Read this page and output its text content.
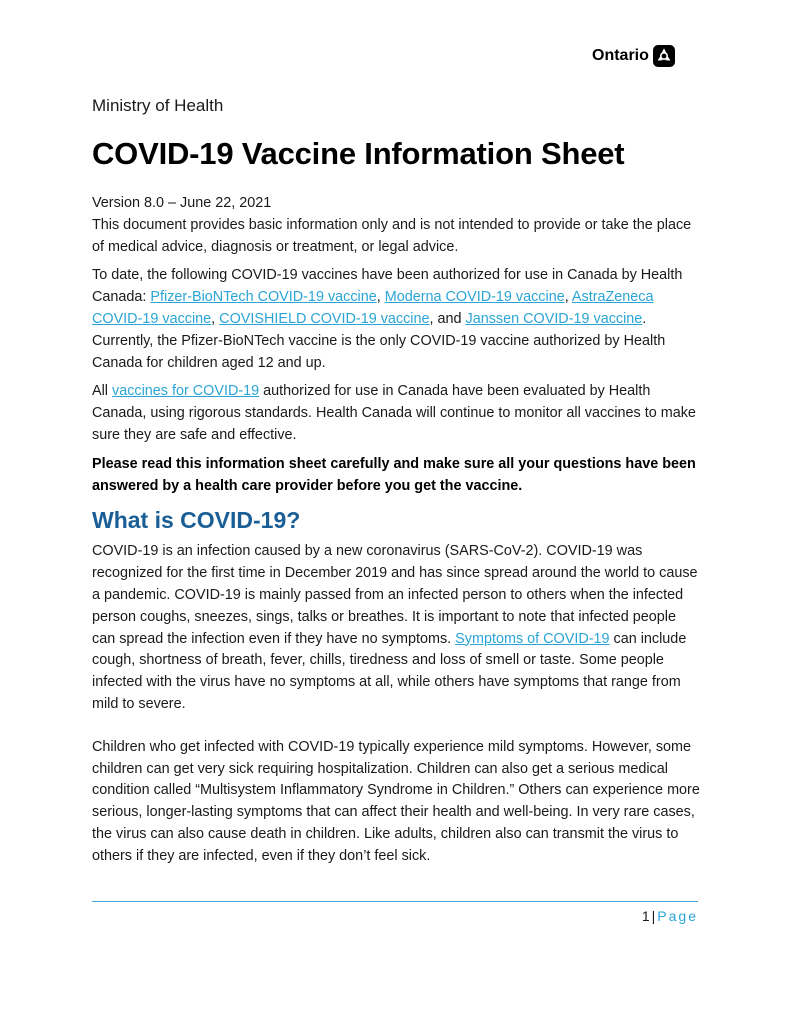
Ontario
Ministry of Health
COVID-19 Vaccine Information Sheet

Version 8.0 – June 22, 2021

This document provides basic information only and is not intended to provide or take the place of medical advice, diagnosis or treatment, or legal advice.

To date, the following COVID-19 vaccines have been authorized for use in Canada by Health Canada: Pfizer-BioNTech COVID-19 vaccine, Moderna COVID-19 vaccine, AstraZeneca COVID-19 vaccine, COVISHIELD COVID-19 vaccine, and Janssen COVID-19 vaccine. Currently, the Pfizer-BioNTech vaccine is the only COVID-19 vaccine authorized by Health Canada for children aged 12 and up.

All vaccines for COVID-19 authorized for use in Canada have been evaluated by Health Canada, using rigorous standards. Health Canada will continue to monitor all vaccines to make sure they are safe and effective.

Please read this information sheet carefully and make sure all your questions have been answered by a health care provider before you get the vaccine.

What is COVID-19?

COVID-19 is an infection caused by a new coronavirus (SARS-CoV-2). COVID-19 was recognized for the first time in December 2019 and has since spread around the world to cause a pandemic. COVID-19 is mainly passed from an infected person to others when the infected person coughs, sneezes, sings, talks or breathes. It is important to note that infected people can spread the infection even if they have no symptoms. Symptoms of COVID-19 can include cough, shortness of breath, fever, chills, tiredness and loss of smell or taste. Some people infected with the virus have no symptoms at all, while others have symptoms that range from mild to severe.

Children who get infected with COVID-19 typically experience mild symptoms. However, some children can get very sick requiring hospitalization. Children can also get a serious medical condition called “Multisystem Inflammatory Syndrome in Children.” Others can experience more serious, longer-lasting symptoms that can affect their health and well-being. In very rare cases, the virus can also cause death in children. Like adults, children also can transmit the virus to others if they are infected, even if they don’t feel sick.

1 | Page
